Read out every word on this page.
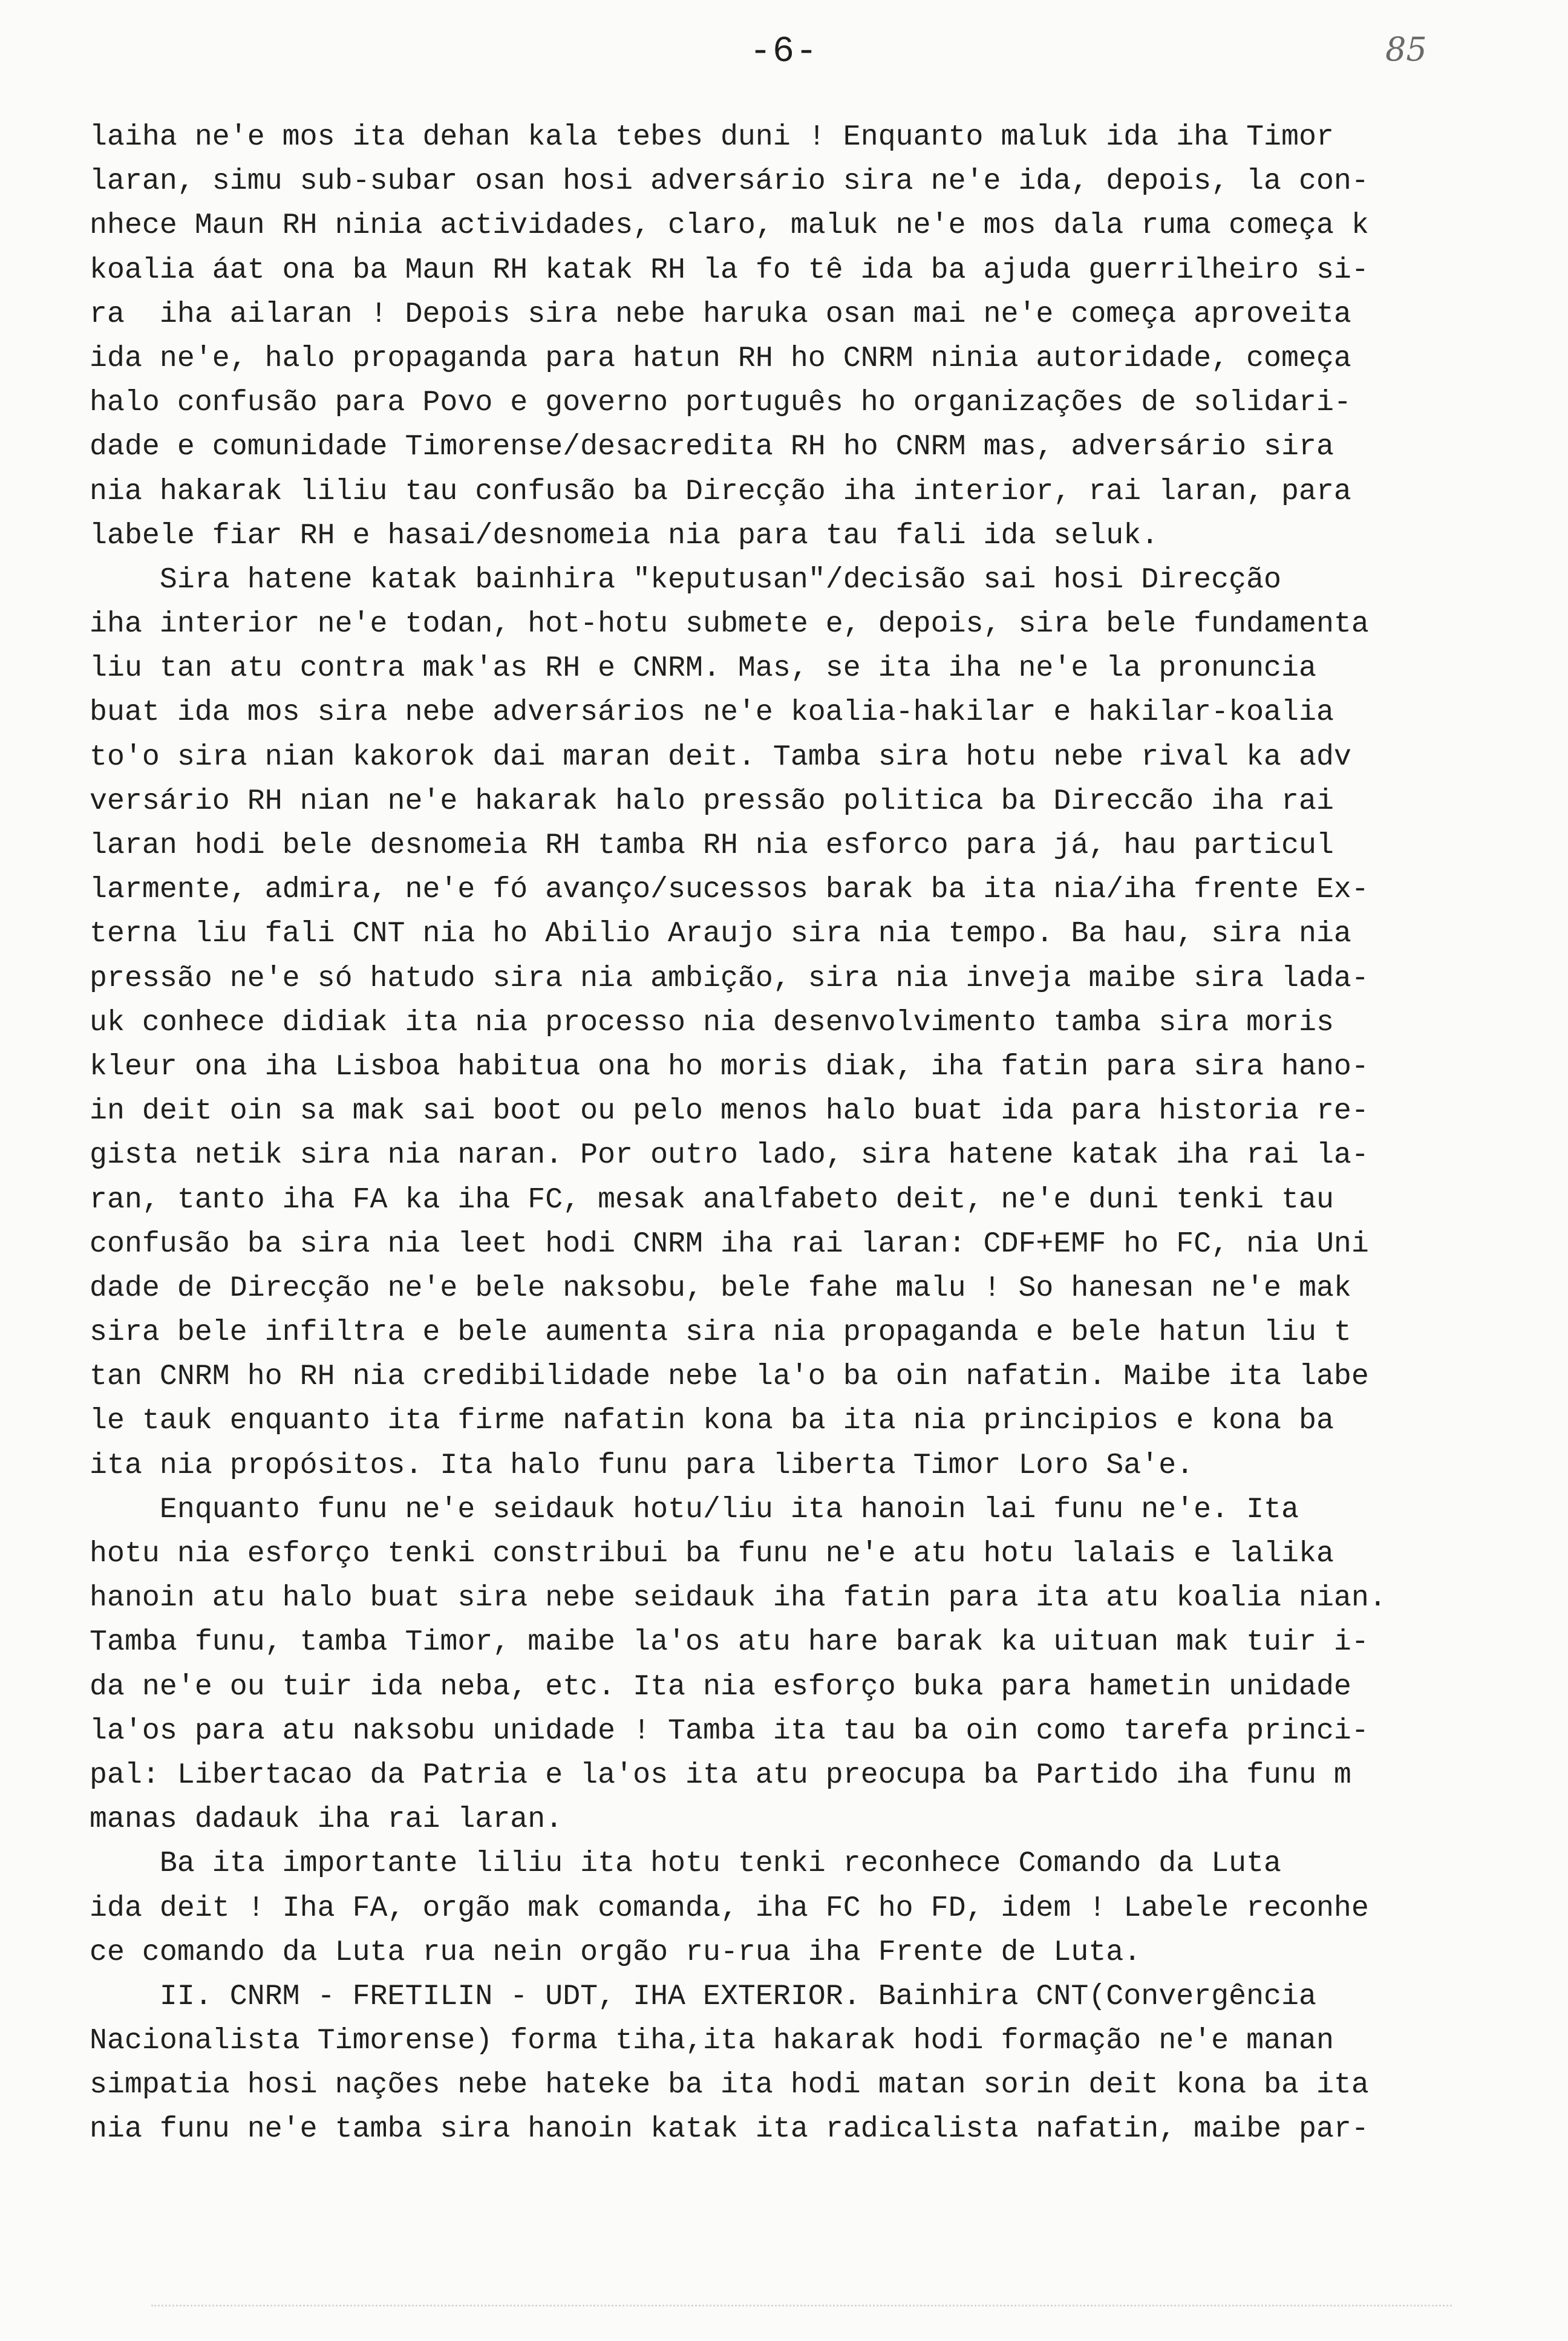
-6-	85
laiha ne'e mos ita dehan kala tebes duni ! Enquanto maluk ida iha Timor
laran, simu sub-subar osan hosi adversário sira ne'e ida, depois, la con-
nhece Maun RH ninia actividades, claro, maluk ne'e mos dala ruma começa k
koalia áat ona ba Maun RH katak RH la fo tê ida ba ajuda guerrilheiro si-
ra  iha ailaran ! Depois sira nebe haruka osan mai ne'e começa aproveita
ida ne'e, halo propaganda para hatun RH ho CNRM ninia autoridade, começa
halo confusão para Povo e governo português ho organizações de solidari-
dade e comunidade Timorense/desacredita RH ho CNRM mas, adversário sira
nia hakarak liliu tau confusão ba Direcção iha interior, rai laran, para
labele fiar RH e hasai/desnomeia nia para tau fali ida seluk.
Sira hatene katak bainhira "keputusan"/decisão sai hosi Direcção
iha interior ne'e todan, hot-hotu submete e, depois, sira bele fundamenta
liu tan atu contra mak'as RH e CNRM. Mas, se ita iha ne'e la pronuncia
buat ida mos sira nebe adversários ne'e koalia-hakilar e hakilar-koalia
to'o sira nian kakorok dai maran deit. Tamba sira hotu nebe rival ka adv
versário RH nian ne'e hakarak halo pressão politica ba Direccão iha rai
laran hodi bele desnomeia RH tamba RH nia esforco para já, hau particul
larmente, admira, ne'e fó avanço/sucessos barak ba ita nia/iha frente Ex-
terna liu fali CNT nia ho Abilio Araujo sira nia tempo. Ba hau, sira nia
pressão ne'e só hatudo sira nia ambição, sira nia inveja maibe sira lada-
uk conhece didiak ita nia processo nia desenvolvimento tamba sira moris
kleur ona iha Lisboa habitua ona ho moris diak, iha fatin para sira hano-
in deit oin sa mak sai boot ou pelo menos halo buat ida para historia re-
gista netik sira nia naran. Por outro lado, sira hatene katak iha rai la-
ran, tanto iha FA ka iha FC, mesak analfabeto deit, ne'e duni tenki tau
confusão ba sira nia leet hodi CNRM iha rai laran: CDF+EMF ho FC, nia Uni
dade de Direcção ne'e bele naksobu, bele fahe malu ! So hanesan ne'e mak
sira bele infiltra e bele aumenta sira nia propaganda e bele hatun liu t
tan CNRM ho RH nia credibilidade nebe la'o ba oin nafatin. Maibe ita labe
le tauk enquanto ita firme nafatin kona ba ita nia principios e kona ba
ita nia propósitos. Ita halo funu para liberta Timor Loro Sa'e.
Enquanto funu ne'e seidauk hotu/liu ita hanoin lai funu ne'e. Ita
hotu nia esforço tenki constribui ba funu ne'e atu hotu lalais e lalika
hanoin atu halo buat sira nebe seidauk iha fatin para ita atu koalia nian.
Tamba funu, tamba Timor, maibe la'os atu hare barak ka uituan mak tuir i-
da ne'e ou tuir ida neba, etc. Ita nia esforço buka para hametin unidade
la'os para atu naksobu unidade ! Tamba ita tau ba oin como tarefa princi-
pal: Libertacao da Patria e la'os ita atu preocupa ba Partido iha funu m
manas dadauk iha rai laran.
Ba ita importante liliu ita hotu tenki reconhece Comando da Luta
ida deit ! Iha FA, orgão mak comanda, iha FC ho FD, idem ! Labele reconhe
ce comando da Luta rua nein orgão ru-rua iha Frente de Luta.
II. CNRM - FRETILIN - UDT, IHA EXTERIOR. Bainhira CNT(Convergência
Nacionalista Timorense) forma tiha,ita hakarak hodi formação ne'e manan
simpatia hosi nações nebe hateke ba ita hodi matan sorin deit kona ba ita
nia funu ne'e tamba sira hanoin katak ita radicalista nafatin, maibe par-
